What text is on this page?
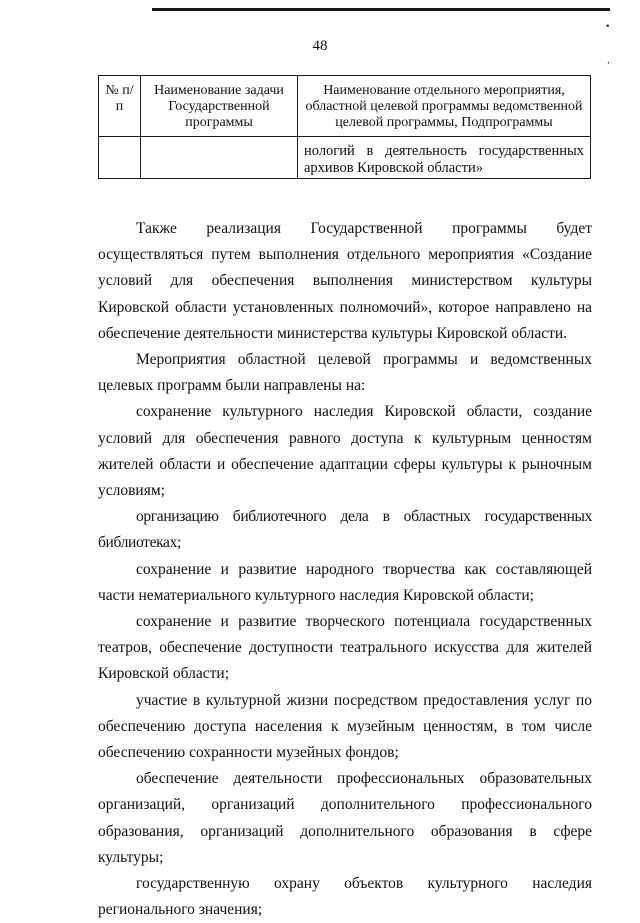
•
,
48
№ п/п	Наименование задачи Государственной программы	Наименование отдельного мероприятия, областной целевой программы ведомственной целевой программы, Подпрограммы

		нологий в деятельность государственных архивов Кировской области»

Также реализация Государственной программы будет осуществляться путем выполнения отдельного мероприятия «Создание условий для обеспечения выполнения министерством культуры Кировской области установленных полномочий», которое направлено на обеспечение деятельности министерства культуры Кировской области.

Мероприятия областной целевой программы и ведомственных целевых программ были направлены на:

сохранение культурного наследия Кировской области, создание условий для обеспечения равного доступа к культурным ценностям жителей области и обеспечение адаптации сферы культуры к рыночным условиям;

организацию библиотечного дела в областных государственных библиотеках;

сохранение и развитие народного творчества как составляющей части нематериального культурного наследия Кировской области;

сохранение и развитие творческого потенциала государственных театров, обеспечение доступности театрального искусства для жителей Кировской области;

участие в культурной жизни посредством предоставления услуг по обеспечению доступа населения к музейным ценностям, в том числе обеспечению сохранности музейных фондов;

обеспечение деятельности профессиональных образовательных организаций, организаций дополнительного профессионального образования, организаций дополнительного образования в сфере культуры;

государственную охрану объектов культурного наследия регионального значения;
